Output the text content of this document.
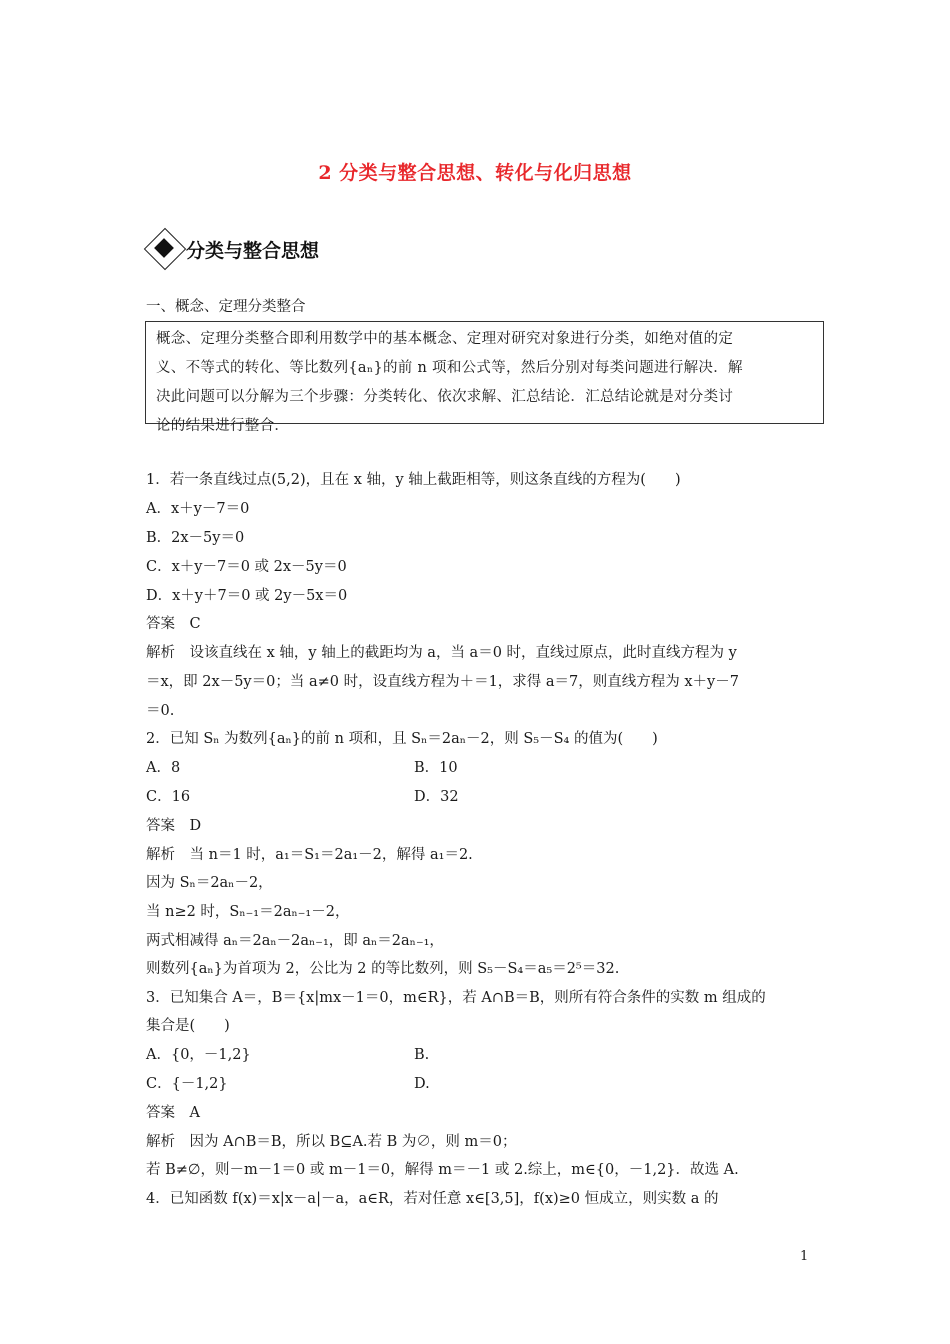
2 分类与整合思想、转化与化归思想
分类与整合思想
一、概念、定理分类整合
概念、定理分类整合即利用数学中的基本概念、定理对研究对象进行分类，如绝对值的定
义、不等式的转化、等比数列{aₙ}的前 n 项和公式等，然后分别对每类问题进行解决．解
决此问题可以分解为三个步骤：分类转化、依次求解、汇总结论．汇总结论就是对分类讨
论的结果进行整合．
1．若一条直线过点(5,2)，且在 x 轴，y 轴上截距相等，则这条直线的方程为(　　)
A．x＋y－7＝0
B．2x－5y＝0
C．x＋y－7＝0 或 2x－5y＝0
D．x＋y＋7＝0 或 2y－5x＝0
答案　C
解析　设该直线在 x 轴，y 轴上的截距均为 a，当 a＝0 时，直线过原点，此时直线方程为 y
＝x，即 2x－5y＝0；当 a≠0 时，设直线方程为＋＝1，求得 a＝7，则直线方程为 x＋y－7
＝0.
2．已知 Sₙ 为数列{aₙ}的前 n 项和，且 Sₙ＝2aₙ－2，则 S₅－S₄ 的值为(　　)
A．8	B．10
C．16	D．32
答案　D
解析　当 n＝1 时，a₁＝S₁＝2a₁－2，解得 a₁＝2.
因为 Sₙ＝2aₙ－2，
当 n≥2 时，Sₙ₋₁＝2aₙ₋₁－2，
两式相减得 aₙ＝2aₙ－2aₙ₋₁，即 aₙ＝2aₙ₋₁，
则数列{aₙ}为首项为 2，公比为 2 的等比数列，则 S₅－S₄＝a₅＝2⁵＝32.
3．已知集合 A＝，B＝{x|mx－1＝0，m∈R}，若 A∩B＝B，则所有符合条件的实数 m 组成的
集合是(　　)
A．{0，－1,2}	B.
C．{－1,2}	D.
答案　A
解析　因为 A∩B＝B，所以 B⊆A.若 B 为∅，则 m＝0；
若 B≠∅，则－m－1＝0 或 m－1＝0，解得 m＝－1 或 2.综上，m∈{0，－1,2}．故选 A.
4．已知函数 f(x)＝x|x－a|－a，a∈R，若对任意 x∈[3,5]，f(x)≥0 恒成立，则实数 a 的
1
